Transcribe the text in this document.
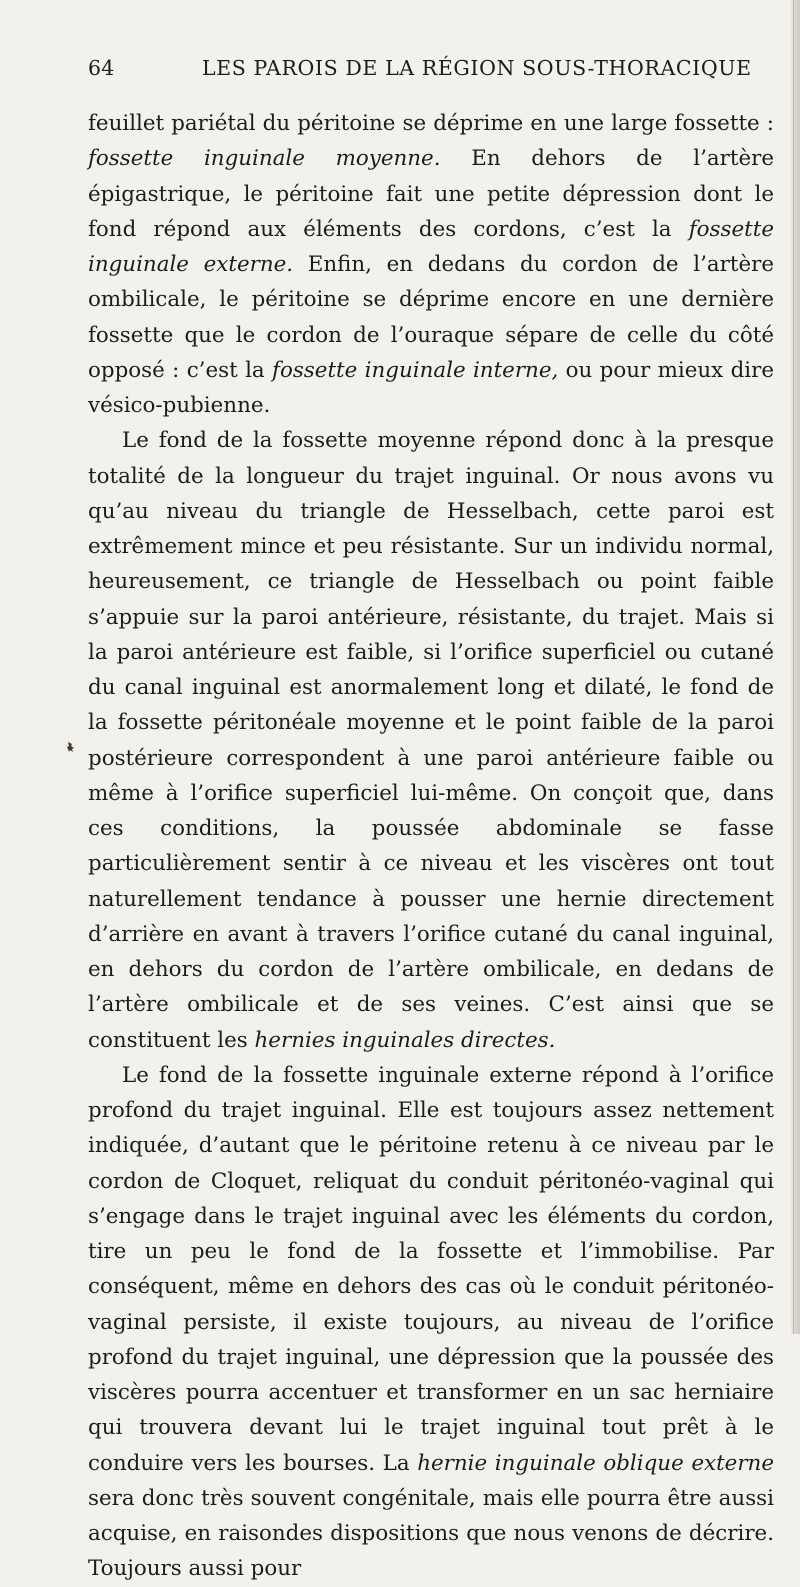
64	LES PAROIS DE LA RÉGION SOUS-THORACIQUE

feuillet pariétal du péritoine se déprime en une large fossette : fossette inguinale moyenne. En dehors de l’artère épigastrique, le péritoine fait une petite dépression dont le fond répond aux éléments des cordons, c’est la fossette inguinale externe. Enfin, en dedans du cordon de l’artère ombilicale, le péritoine se déprime encore en une dernière fossette que le cordon de l’ouraque sépare de celle du côté opposé : c’est la fossette inguinale interne, ou pour mieux dire vésico-pubienne.

Le fond de la fossette moyenne répond donc à la presque totalité de la longueur du trajet inguinal. Or nous avons vu qu’au niveau du triangle de Hesselbach, cette paroi est extrêmement mince et peu résistante. Sur un individu normal, heureusement, ce triangle de Hesselbach ou point faible s’appuie sur la paroi antérieure, résistante, du trajet. Mais si la paroi antérieure est faible, si l’orifice superficiel ou cutané du canal inguinal est anormalement long et dilaté, le fond de la fossette péritonéale moyenne et le point faible de la paroi postérieure correspondent à une paroi antérieure faible ou même à l’orifice superficiel lui-même. On conçoit que, dans ces conditions, la poussée abdominale se fasse particulièrement sentir à ce niveau et les viscères ont tout naturellement tendance à pousser une hernie directement d’arrière en avant à travers l’orifice cutané du canal inguinal, en dehors du cordon de l’artère ombilicale, en dedans de l’artère ombilicale et de ses veines. C’est ainsi que se constituent les hernies inguinales directes.

Le fond de la fossette inguinale externe répond à l’orifice profond du trajet inguinal. Elle est toujours assez nettement indiquée, d’autant que le péritoine retenu à ce niveau par le cordon de Cloquet, reliquat du conduit péritonéo-vaginal qui s’engage dans le trajet inguinal avec les éléments du cordon, tire un peu le fond de la fossette et l’immobilise. Par conséquent, même en dehors des cas où le conduit péritonéo-vaginal persiste, il existe toujours, au niveau de l’orifice profond du trajet inguinal, une dépression que la poussée des viscères pourra accentuer et transformer en un sac herniaire qui trouvera devant lui le trajet inguinal tout prêt à le conduire vers les bourses. La hernie inguinale oblique externe sera donc très souvent congénitale, mais elle pourra être aussi acquise, en raisondes dispositions que nous venons de décrire. Toujours aussi pour
